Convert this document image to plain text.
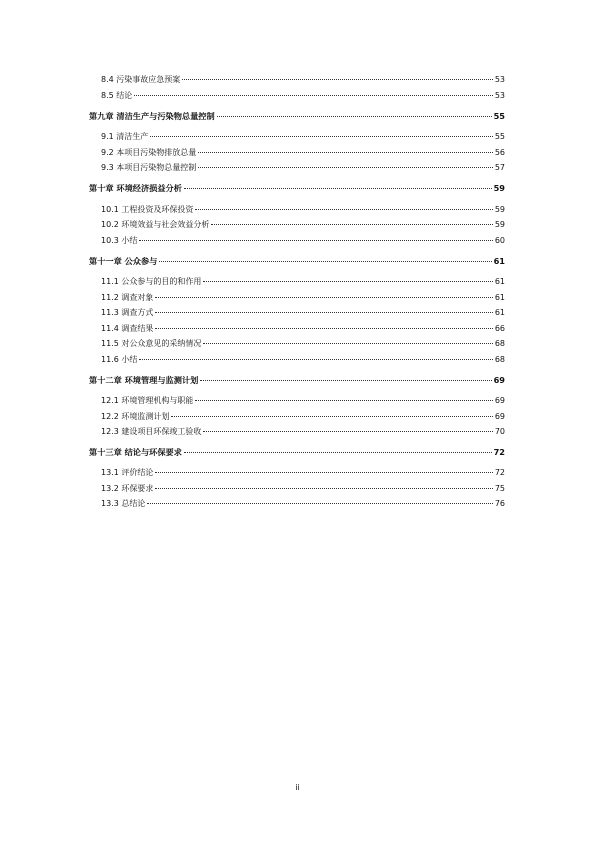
8.4 污染事故应急预案	53
8.5 结论	53
第九章 清洁生产与污染物总量控制	55
9.1 清洁生产	55
9.2 本项目污染物排放总量	56
9.3 本项目污染物总量控制	57
第十章 环境经济损益分析	59
10.1 工程投资及环保投资	59
10.2 环境效益与社会效益分析	59
10.3 小结	60
第十一章 公众参与	61
11.1 公众参与的目的和作用	61
11.2 调查对象	61
11.3 调查方式	61
11.4 调查结果	66
11.5 对公众意见的采纳情况	68
11.6 小结	68
第十二章 环境管理与监测计划	69
12.1 环境管理机构与职能	69
12.2 环境监测计划	69
12.3 建设项目环保竣工验收	70
第十三章 结论与环保要求	72
13.1 评价结论	72
13.2 环保要求	75
13.3 总结论	76
ii
